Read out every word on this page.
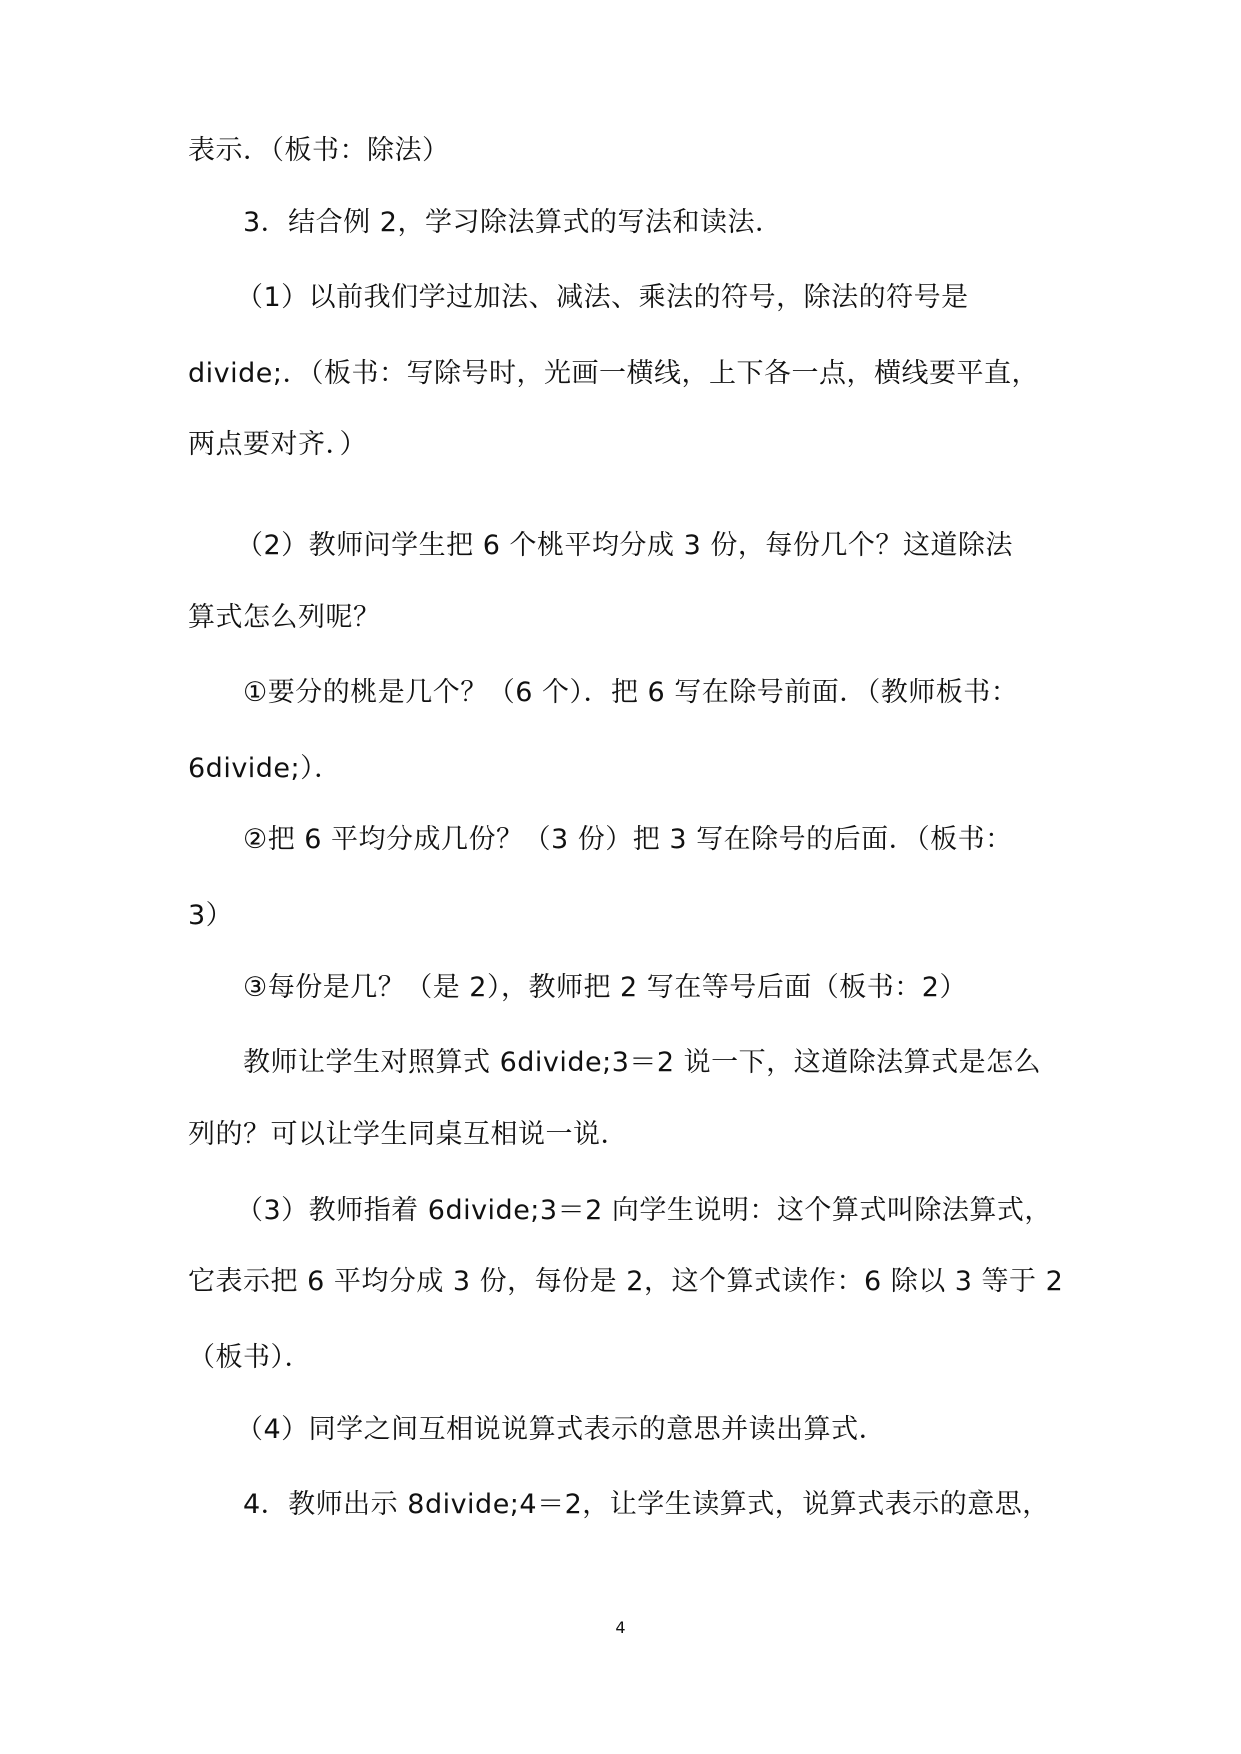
表示．（板书：除法）
3．结合例 2，学习除法算式的写法和读法．
（1）以前我们学过加法、减法、乘法的符号，除法的符号是
divide;．（板书：写除号时，光画一横线，上下各一点，横线要平直，
两点要对齐．）
（2）教师问学生把 6 个桃平均分成 3 份，每份几个？这道除法
算式怎么列呢？
①要分的桃是几个？（6 个）．把 6 写在除号前面．（教师板书：
6divide;）．
②把 6 平均分成几份？（3 份）把 3 写在除号的后面．（板书：
3）
③每份是几？（是 2），教师把 2 写在等号后面（板书：2）
教师让学生对照算式 6divide;3＝2 说一下，这道除法算式是怎么
列的？可以让学生同桌互相说一说．
（3）教师指着 6divide;3＝2 向学生说明：这个算式叫除法算式，
它表示把 6 平均分成 3 份，每份是 2，这个算式读作：6 除以 3 等于 2
（板书）．
（4）同学之间互相说说算式表示的意思并读出算式．
4．教师出示 8divide;4＝2，让学生读算式，说算式表示的意思，
4
